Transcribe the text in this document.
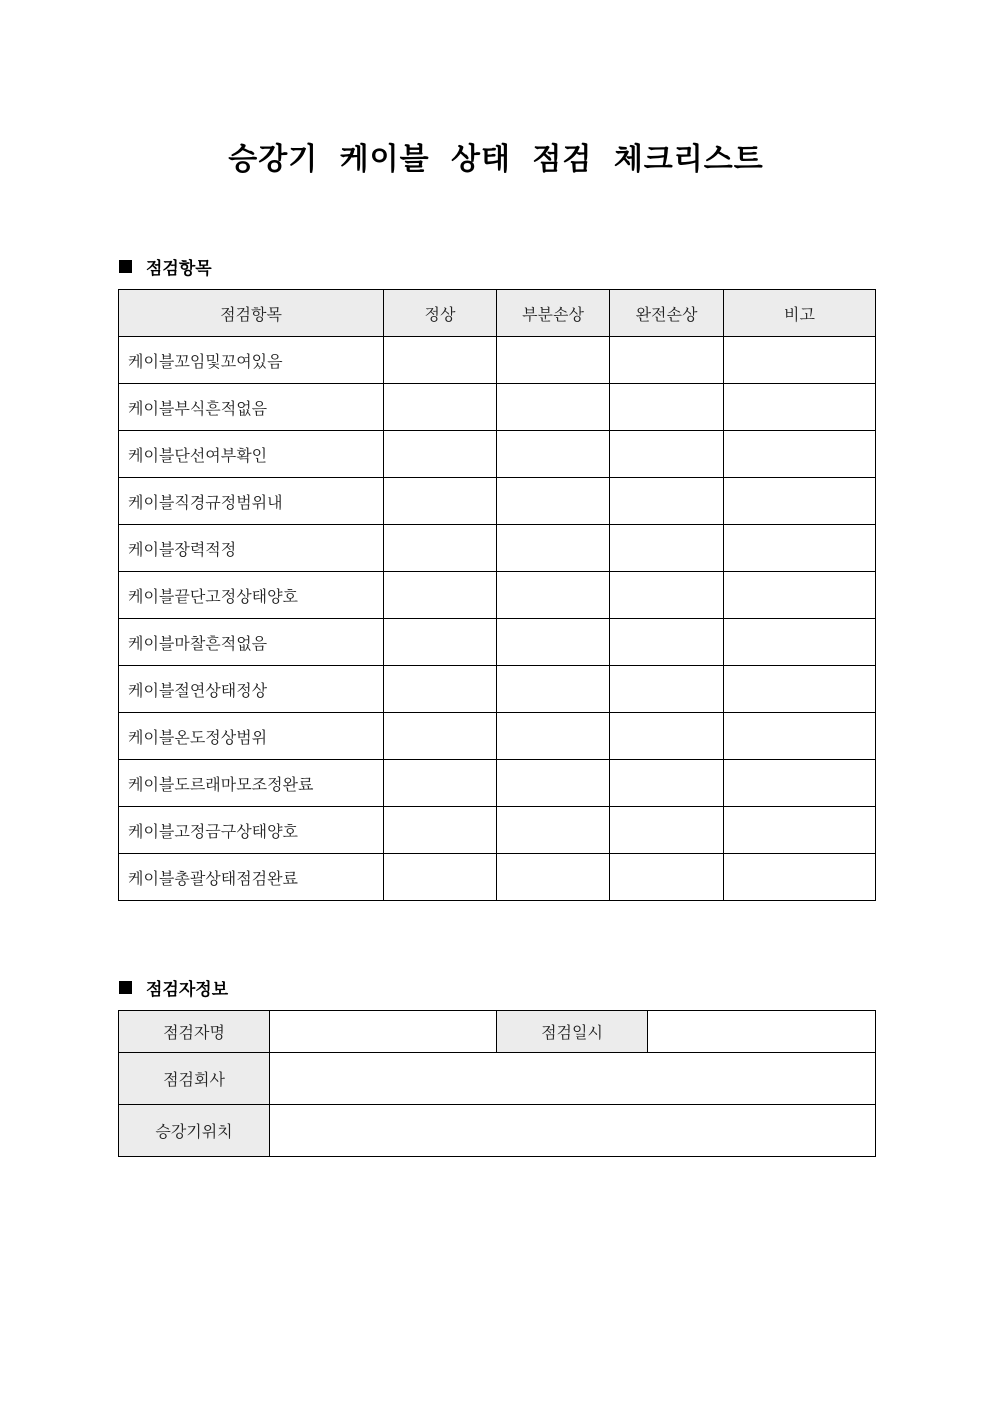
승강기 케이블 상태 점검 체크리스트
점검항목
점검항목	정상	부분손상	완전손상	비고
케이블꼬임및꼬여있음				
케이블부식흔적없음				
케이블단선여부확인				
케이블직경규정범위내				
케이블장력적정				
케이블끝단고정상태양호				
케이블마찰흔적없음				
케이블절연상태정상				
케이블온도정상범위				
케이블도르래마모조정완료				
케이블고정금구상태양호				
케이블총괄상태점검완료				
점검자정보
점검자명		점검일시	
점검회사			
승강기위치			
